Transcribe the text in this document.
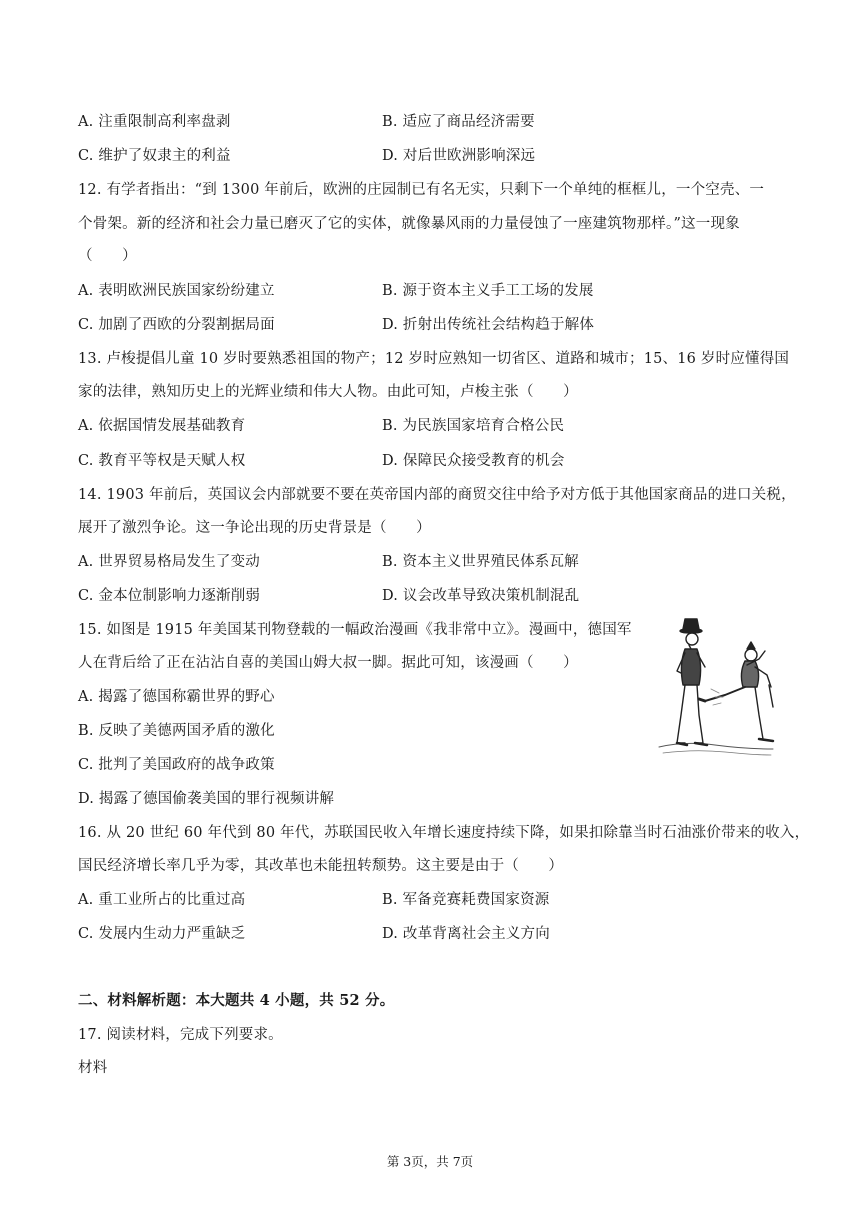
A. 注重限制高利率盘剥	B. 适应了商品经济需要
C. 维护了奴隶主的利益	D. 对后世欧洲影响深远
12. 有学者指出：“到 1300 年前后，欧洲的庄园制已有名无实，只剩下一个单纯的框框儿，一个空壳、一
个骨架。新的经济和社会力量已磨灭了它的实体，就像暴风雨的力量侵蚀了一座建筑物那样。”这一现象
（　　）
A. 表明欧洲民族国家纷纷建立	B. 源于资本主义手工工场的发展
C. 加剧了西欧的分裂割据局面	D. 折射出传统社会结构趋于解体
13. 卢梭提倡儿童 10 岁时要熟悉祖国的物产；12 岁时应熟知一切省区、道路和城市；15、16 岁时应懂得国
家的法律，熟知历史上的光辉业绩和伟大人物。由此可知，卢梭主张（　　）
A. 依据国情发展基础教育	B. 为民族国家培育合格公民
C. 教育平等权是天赋人权	D. 保障民众接受教育的机会
14. 1903 年前后，英国议会内部就要不要在英帝国内部的商贸交往中给予对方低于其他国家商品的进口关税，
展开了激烈争论。这一争论出现的历史背景是（　　）
A. 世界贸易格局发生了变动	B. 资本主义世界殖民体系瓦解
C. 金本位制影响力逐渐削弱	D. 议会改革导致决策机制混乱
15. 如图是 1915 年美国某刊物登载的一幅政治漫画《我非常中立》。漫画中，德国军
人在背后给了正在沾沾自喜的美国山姆大叔一脚。据此可知，该漫画（　　）
A. 揭露了德国称霸世界的野心
B. 反映了美德两国矛盾的激化
C. 批判了美国政府的战争政策
D. 揭露了德国偷袭美国的罪行视频讲解
16. 从 20 世纪 60 年代到 80 年代，苏联国民收入年增长速度持续下降，如果扣除靠当时石油涨价带来的收入，
国民经济增长率几乎为零，其改革也未能扭转颓势。这主要是由于（　　）
A. 重工业所占的比重过高	B. 军备竞赛耗费国家资源
C. 发展内生动力严重缺乏	D. 改革背离社会主义方向
二、材料解析题：本大题共 4 小题，共 52 分。
17. 阅读材料，完成下列要求。
材料
第 3页，共 7页
